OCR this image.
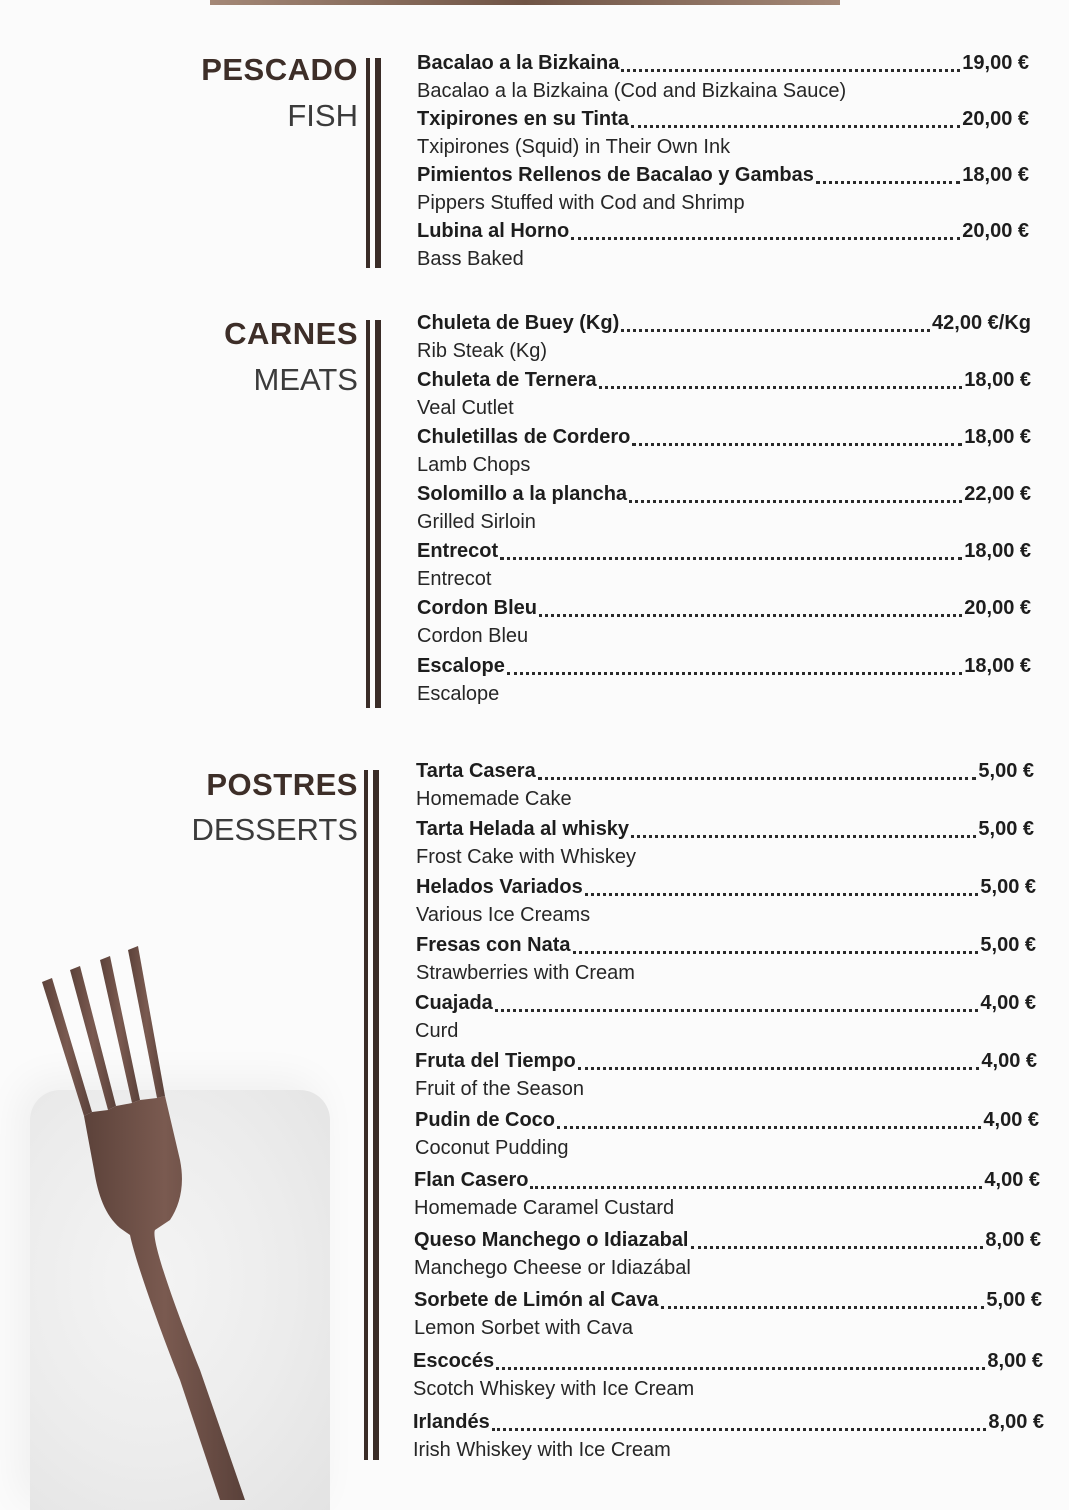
PESCADO
FISH
Bacalao a la Bizkaina	19,00 €
Bacalao a la Bizkaina (Cod and Bizkaina Sauce)
Txipirones en su Tinta	20,00 €
Txipirones (Squid) in Their Own Ink
Pimientos Rellenos de Bacalao y Gambas	18,00 €
Pippers Stuffed with Cod and Shrimp
Lubina al Horno	20,00 €
Bass Baked
CARNES
MEATS
Chuleta de Buey (Kg)	42,00 €/Kg
Rib Steak (Kg)
Chuleta de Ternera	18,00 €
Veal Cutlet
Chuletillas de Cordero	18,00 €
Lamb Chops
Solomillo a la plancha	22,00 €
Grilled Sirloin
Entrecot	18,00 €
Entrecot
Cordon Bleu	20,00 €
Cordon Bleu
Escalope	18,00 €
Escalope
POSTRES
DESSERTS
Tarta Casera	5,00 €
Homemade Cake
Tarta Helada al whisky	5,00 €
Frost Cake with Whiskey
Helados Variados	5,00 €
Various Ice Creams
Fresas con Nata	5,00 €
Strawberries with Cream
Cuajada	4,00 €
Curd
Fruta del Tiempo	4,00 €
Fruit of the Season
Pudin de Coco	4,00 €
Coconut Pudding
Flan Casero	4,00 €
Homemade Caramel Custard
Queso Manchego o Idiazabal	8,00 €
Manchego Cheese or Idiazábal
Sorbete de Limón al Cava	5,00 €
Lemon Sorbet with Cava
Escocés	8,00 €
Scotch Whiskey with Ice Cream
Irlandés	8,00 €
Irish Whiskey with Ice Cream
